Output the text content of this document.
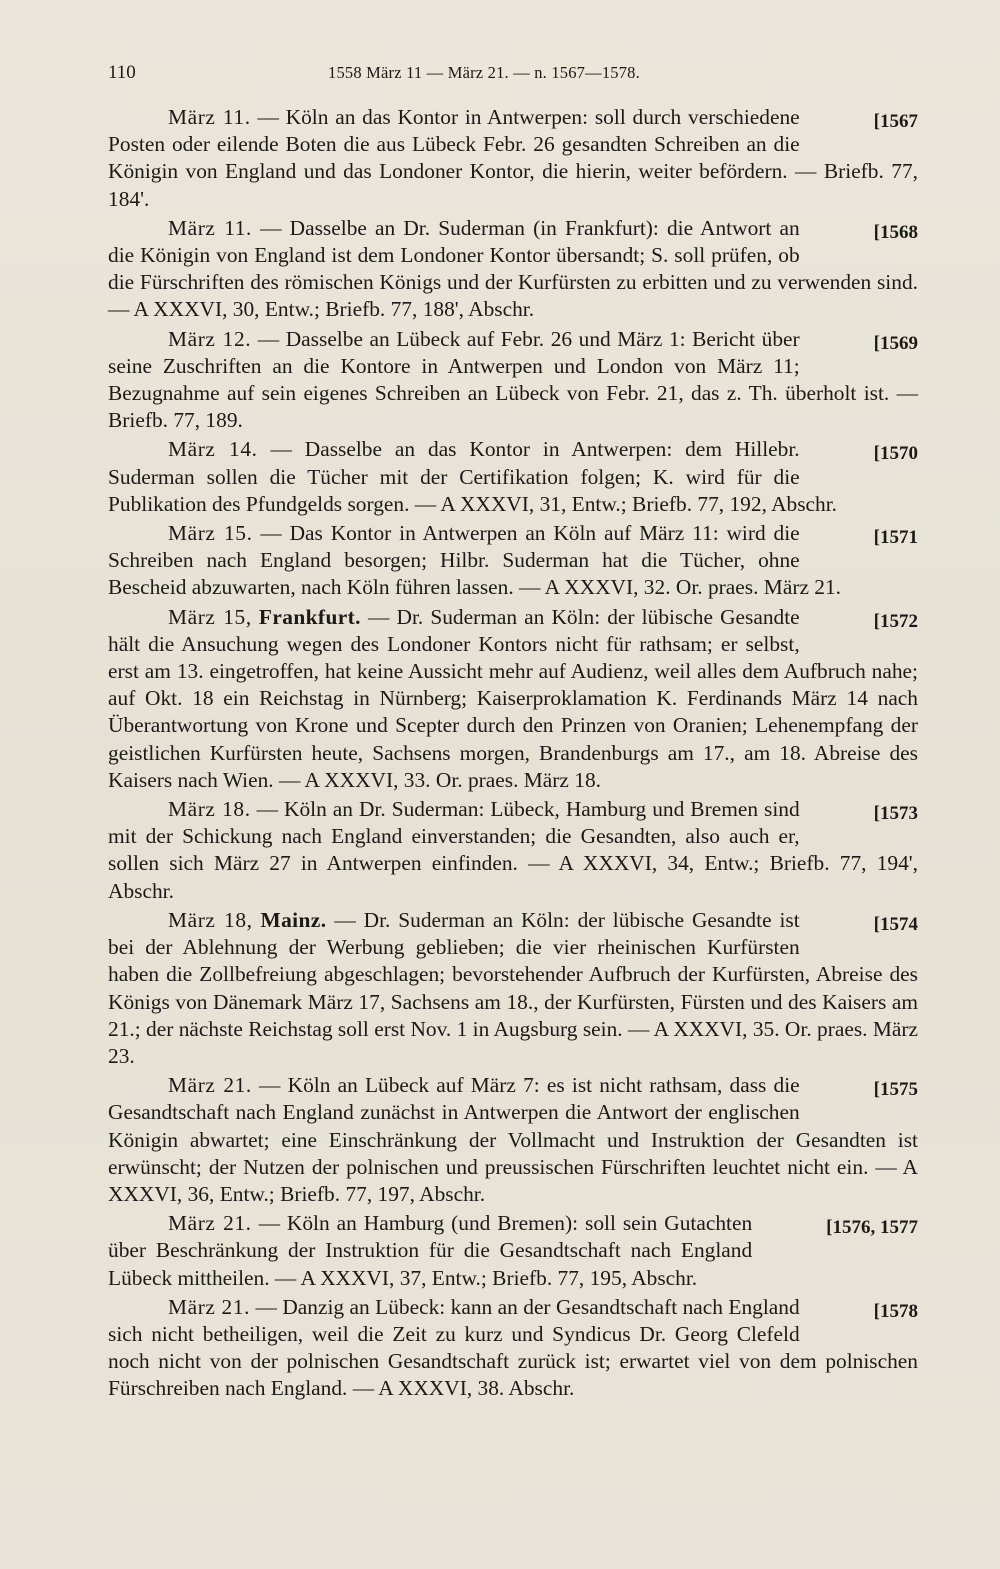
110	1558 März 11 — März 21. — n. 1567—1578.

[1567
März 11. — Köln an das Kontor in Antwerpen: soll durch verschiedene Posten oder eilende Boten die aus Lübeck Febr. 26 gesandten Schreiben an die Königin von England und das Londoner Kontor, die hierin, weiter befördern. — Briefb. 77, 184'.

[1568
März 11. — Dasselbe an Dr. Suderman (in Frankfurt): die Antwort an die Königin von England ist dem Londoner Kontor übersandt; S. soll prüfen, ob die Fürschriften des römischen Königs und der Kurfürsten zu erbitten und zu verwenden sind. — A XXXVI, 30, Entw.; Briefb. 77, 188', Abschr.

[1569
März 12. — Dasselbe an Lübeck auf Febr. 26 und März 1: Bericht über seine Zuschriften an die Kontore in Antwerpen und London von März 11; Bezugnahme auf sein eigenes Schreiben an Lübeck von Febr. 21, das z. Th. überholt ist. — Briefb. 77, 189.

[1570
März 14. — Dasselbe an das Kontor in Antwerpen: dem Hillebr. Suderman sollen die Tücher mit der Certifikation folgen; K. wird für die Publikation des Pfundgelds sorgen. — A XXXVI, 31, Entw.; Briefb. 77, 192, Abschr.

[1571
März 15. — Das Kontor in Antwerpen an Köln auf März 11: wird die Schreiben nach England besorgen; Hilbr. Suderman hat die Tücher, ohne Bescheid abzuwarten, nach Köln führen lassen. — A XXXVI, 32. Or. praes. März 21.

[1572
März 15, Frankfurt. — Dr. Suderman an Köln: der lübische Gesandte hält die Ansuchung wegen des Londoner Kontors nicht für rathsam; er selbst, erst am 13. eingetroffen, hat keine Aussicht mehr auf Audienz, weil alles dem Aufbruch nahe; auf Okt. 18 ein Reichstag in Nürnberg; Kaiserproklamation K. Ferdinands März 14 nach Überantwortung von Krone und Scepter durch den Prinzen von Oranien; Lehenempfang der geistlichen Kurfürsten heute, Sachsens morgen, Brandenburgs am 17., am 18. Abreise des Kaisers nach Wien. — A XXXVI, 33. Or. praes. März 18.

[1573
März 18. — Köln an Dr. Suderman: Lübeck, Hamburg und Bremen sind mit der Schickung nach England einverstanden; die Gesandten, also auch er, sollen sich März 27 in Antwerpen einfinden. — A XXXVI, 34, Entw.; Briefb. 77, 194', Abschr.

[1574
März 18, Mainz. — Dr. Suderman an Köln: der lübische Gesandte ist bei der Ablehnung der Werbung geblieben; die vier rheinischen Kurfürsten haben die Zollbefreiung abgeschlagen; bevorstehender Aufbruch der Kurfürsten, Abreise des Königs von Dänemark März 17, Sachsens am 18., der Kurfürsten, Fürsten und des Kaisers am 21.; der nächste Reichstag soll erst Nov. 1 in Augsburg sein. — A XXXVI, 35. Or. praes. März 23.

[1575
März 21. — Köln an Lübeck auf März 7: es ist nicht rathsam, dass die Gesandtschaft nach England zunächst in Antwerpen die Antwort der englischen Königin abwartet; eine Einschränkung der Vollmacht und Instruktion der Gesandten ist erwünscht; der Nutzen der polnischen und preussischen Fürschriften leuchtet nicht ein. — A XXXVI, 36, Entw.; Briefb. 77, 197, Abschr.

[1576, 1577
März 21. — Köln an Hamburg (und Bremen): soll sein Gutachten über Beschränkung der Instruktion für die Gesandtschaft nach England Lübeck mittheilen. — A XXXVI, 37, Entw.; Briefb. 77, 195, Abschr.

[1578
März 21. — Danzig an Lübeck: kann an der Gesandtschaft nach England sich nicht betheiligen, weil die Zeit zu kurz und Syndicus Dr. Georg Clefeld noch nicht von der polnischen Gesandtschaft zurück ist; erwartet viel von dem polnischen Fürschreiben nach England. — A XXXVI, 38. Abschr.
